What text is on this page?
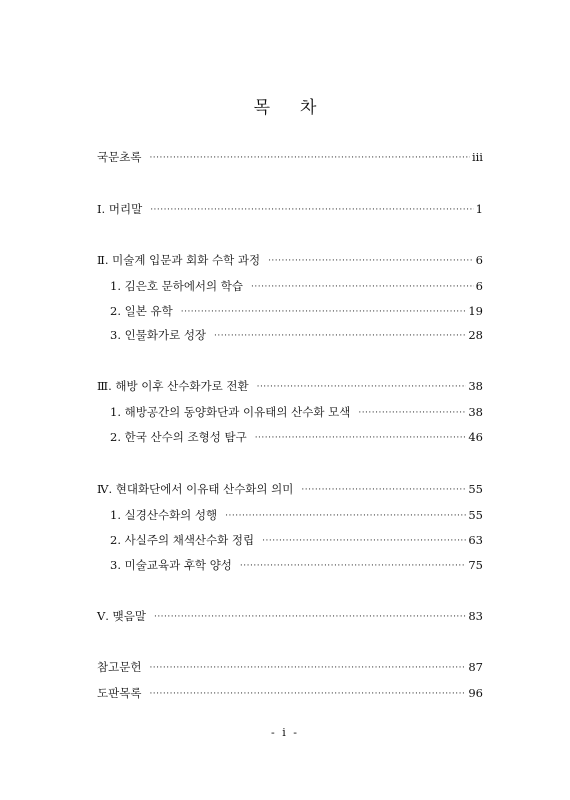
목 차
국문초록 ·····	iii
Ⅰ. 머리말 ·····	1
Ⅱ. 미술계 입문과 회화 수학 과정 ·····	6
1. 김은호 문하에서의 학습 ·····	6
2. 일본 유학 ·····	19
3. 인물화가로 성장 ·····	28
Ⅲ. 해방 이후 산수화가로 전환 ·····	38
1. 해방공간의 동양화단과 이유태의 산수화 모색 ·····	38
2. 한국 산수의 조형성 탐구 ·····	46
Ⅳ. 현대화단에서 이유태 산수화의 의미 ·····	55
1. 실경산수화의 성행 ·····	55
2. 사실주의 채색산수화 정립 ·····	63
3. 미술교육과 후학 양성 ·····	75
Ⅴ. 맺음말 ·····	83
참고문헌 ·····	87
도판목록 ·····	96
- i -
